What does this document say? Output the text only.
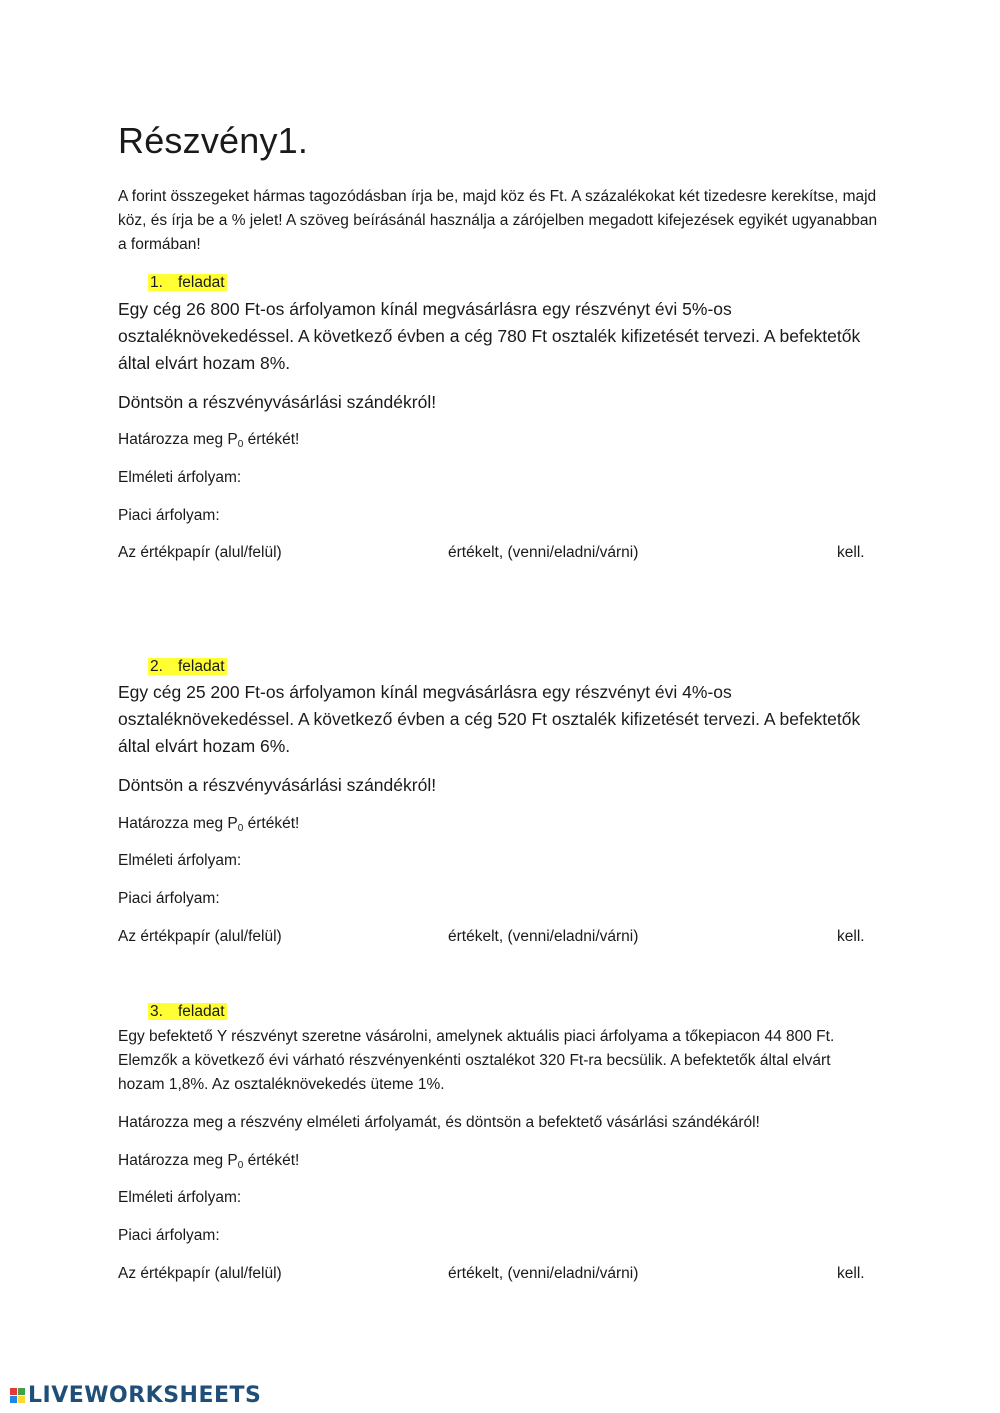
Részvény1.
A forint összegeket hármas tagozódásban írja be, majd köz és Ft. A százalékokat két tizedesre kerekítse, majd köz, és írja be a % jelet! A szöveg beírásánál használja a zárójelben megadott kifejezések egyikét ugyanabban a formában!
1. feladat
Egy cég 26 800 Ft-os árfolyamon kínál megvásárlásra egy részvényt évi 5%-os osztaléknövekedéssel. A következő évben a cég 780 Ft osztalék kifizetését tervezi. A befektetők által elvárt hozam 8%.
Döntsön a részvényvásárlási szándékról!
Határozza meg $P_0$ értékét!
Elméleti árfolyam:
Piaci árfolyam:
Az értékpapír (alul/felül)	értékelt, (venni/eladni/várni)	kell.
2. feladat
Egy cég 25 200 Ft-os árfolyamon kínál megvásárlásra egy részvényt évi 4%-os osztaléknövekedéssel. A következő évben a cég 520 Ft osztalék kifizetését tervezi. A befektetők által elvárt hozam 6%.
Döntsön a részvényvásárlási szándékról!
Határozza meg $P_0$ értékét!
Elméleti árfolyam:
Piaci árfolyam:
Az értékpapír (alul/felül)	értékelt, (venni/eladni/várni)	kell.
3. feladat
Egy befektető Y részvényt szeretne vásárolni, amelynek aktuális piaci árfolyama a tőkepiacon 44 800 Ft. Elemzők a következő évi várható részvényenkénti osztalékot 320 Ft-ra becsülik. A befektetők által elvárt hozam 1,8%. Az osztaléknövekedés üteme 1%.
Határozza meg a részvény elméleti árfolyamát, és döntsön a befektető vásárlási szándékáról!
Határozza meg $P_0$ értékét!
Elméleti árfolyam:
Piaci árfolyam:
Az értékpapír (alul/felül)	értékelt, (venni/eladni/várni)	kell.
LIVEWORKSHEETS
